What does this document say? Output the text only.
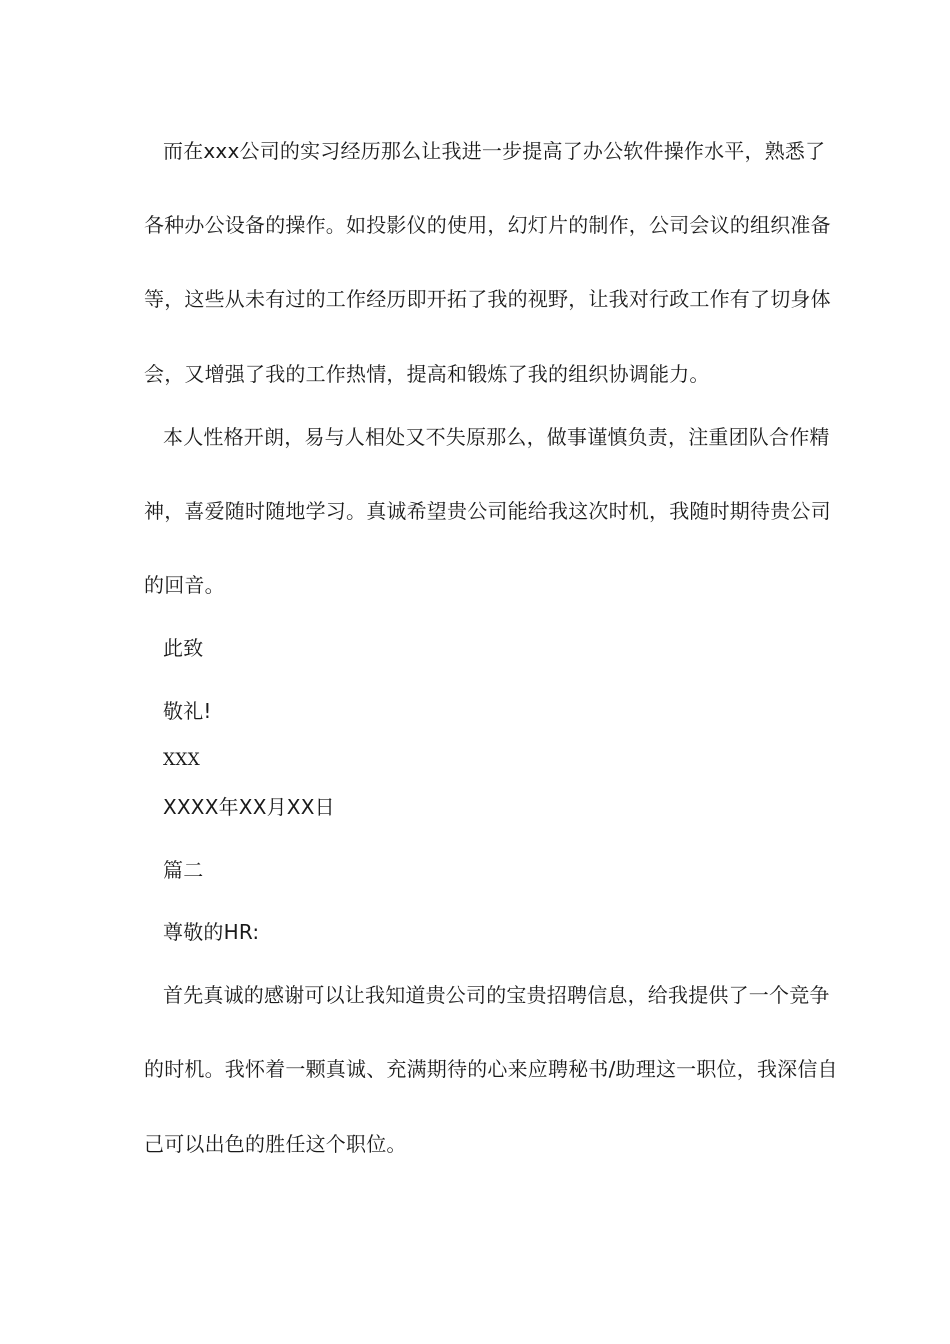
而在xxx公司的实习经历那么让我进一步提高了办公软件操作水平，熟悉了
各种办公设备的操作。如投影仪的使用，幻灯片的制作，公司会议的组织准备
等，这些从未有过的工作经历即开拓了我的视野，让我对行政工作有了切身体
会，又增强了我的工作热情，提高和锻炼了我的组织协调能力。
本人性格开朗，易与人相处又不失原那么，做事谨慎负责，注重团队合作精
神，喜爱随时随地学习。真诚希望贵公司能给我这次时机，我随时期待贵公司
的回音。
此致
敬礼!
XXX
XXXX年XX月XX日
篇二
尊敬的HR:
首先真诚的感谢可以让我知道贵公司的宝贵招聘信息，给我提供了一个竞争
的时机。我怀着一颗真诚、充满期待的心来应聘秘书/助理这一职位，我深信自
己可以出色的胜任这个职位。
